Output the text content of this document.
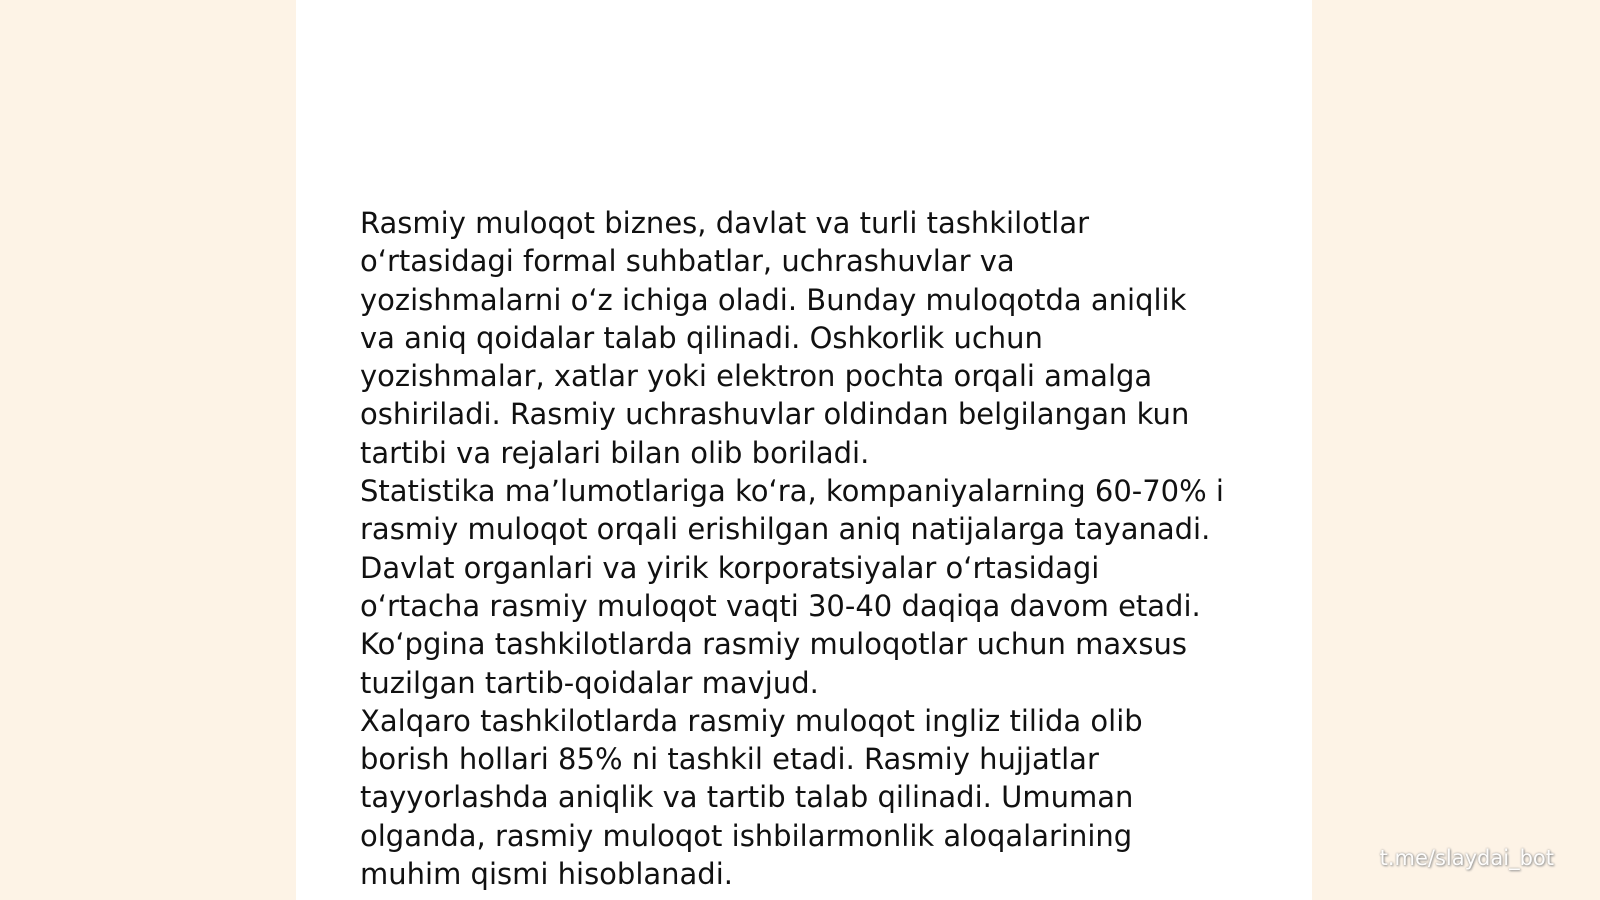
Rasmiy muloqot biznes, davlat va turli tashkilotlar
o‘rtasidagi formal suhbatlar, uchrashuvlar va
yozishmalarni o‘z ichiga oladi. Bunday muloqotda aniqlik
va aniq qoidalar talab qilinadi. Oshkorlik uchun
yozishmalar, xatlar yoki elektron pochta orqali amalga
oshiriladi. Rasmiy uchrashuvlar oldindan belgilangan kun
tartibi va rejalari bilan olib boriladi.
Statistika ma’lumotlariga ko‘ra, kompaniyalarning 60-70% i
rasmiy muloqot orqali erishilgan aniq natijalarga tayanadi.
Davlat organlari va yirik korporatsiyalar o‘rtasidagi
o‘rtacha rasmiy muloqot vaqti 30-40 daqiqa davom etadi.
Ko‘pgina tashkilotlarda rasmiy muloqotlar uchun maxsus
tuzilgan tartib-qoidalar mavjud.
Xalqaro tashkilotlarda rasmiy muloqot ingliz tilida olib
borish hollari 85% ni tashkil etadi. Rasmiy hujjatlar
tayyorlashda aniqlik va tartib talab qilinadi. Umuman
olganda, rasmiy muloqot ishbilarmonlik aloqalarining
muhim qismi hisoblanadi.	t.me/slaydai_bot
